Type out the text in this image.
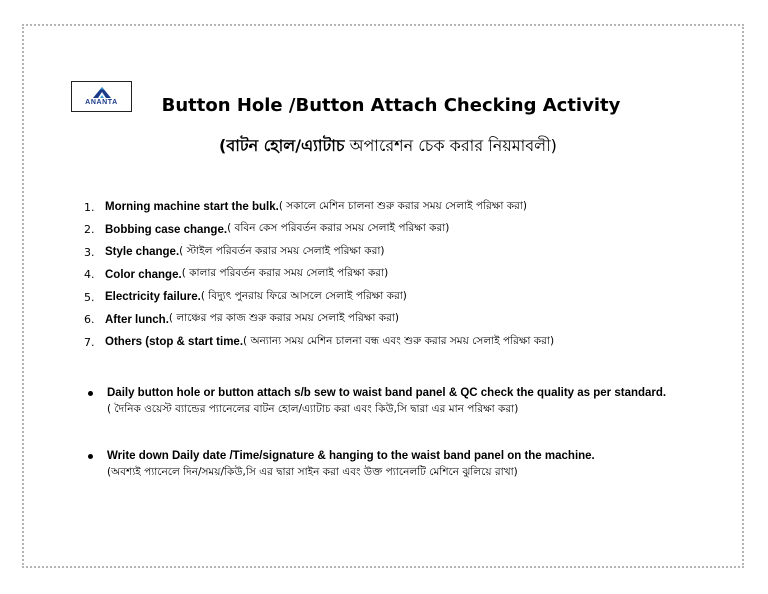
ANANTA	Button Hole /Button Attach Checking Activity
(বাটন হোল/এ্যাটাচ অপারেশন চেক করার নিয়মাবলী)
1. Morning machine start the bulk. ( সকালে মেশিন চালনা শুরু করার সময় সেলাই পরিক্ষা করা)
2. Bobbing case change. ( ববিন কেস পরিবর্তন করার সময় সেলাই পরিক্ষা করা)
3. Style change. ( স্টাইল পরিবর্তন করার সময় সেলাই পরিক্ষা করা)
4. Color change. ( কালার পরিবর্তন করার সময় সেলাই পরিক্ষা করা)
5. Electricity failure. ( বিদ্যুৎ পুনরায় ফিরে আসলে সেলাই পরিক্ষা করা)
6. After lunch. ( লাঞ্চের পর কাজ শুরু করার সময় সেলাই পরিক্ষা করা)
7. Others (stop & start time. ( অন্যান্য সময় মেশিন চালনা বন্ধ এবং শুরু করার সময় সেলাই পরিক্ষা করা)
Daily button hole or button attach s/b sew to waist band panel & QC check the quality as per standard.
( দৈনিক ওয়েস্ট ব্যান্ডের প্যানেলের বাটন হোল/এ্যাটাচ করা এবং কিউ,সি দ্বারা এর মান পরিক্ষা করা)
Write down Daily date /Time/signature & hanging to the waist band panel on the machine.
(অবশ্যই প্যানেলে দিন/সময়/কিউ,সি এর দ্বারা সাইন করা এবং উক্ত প্যানেলটি মেশিনে ঝুলিয়ে রাখা)
